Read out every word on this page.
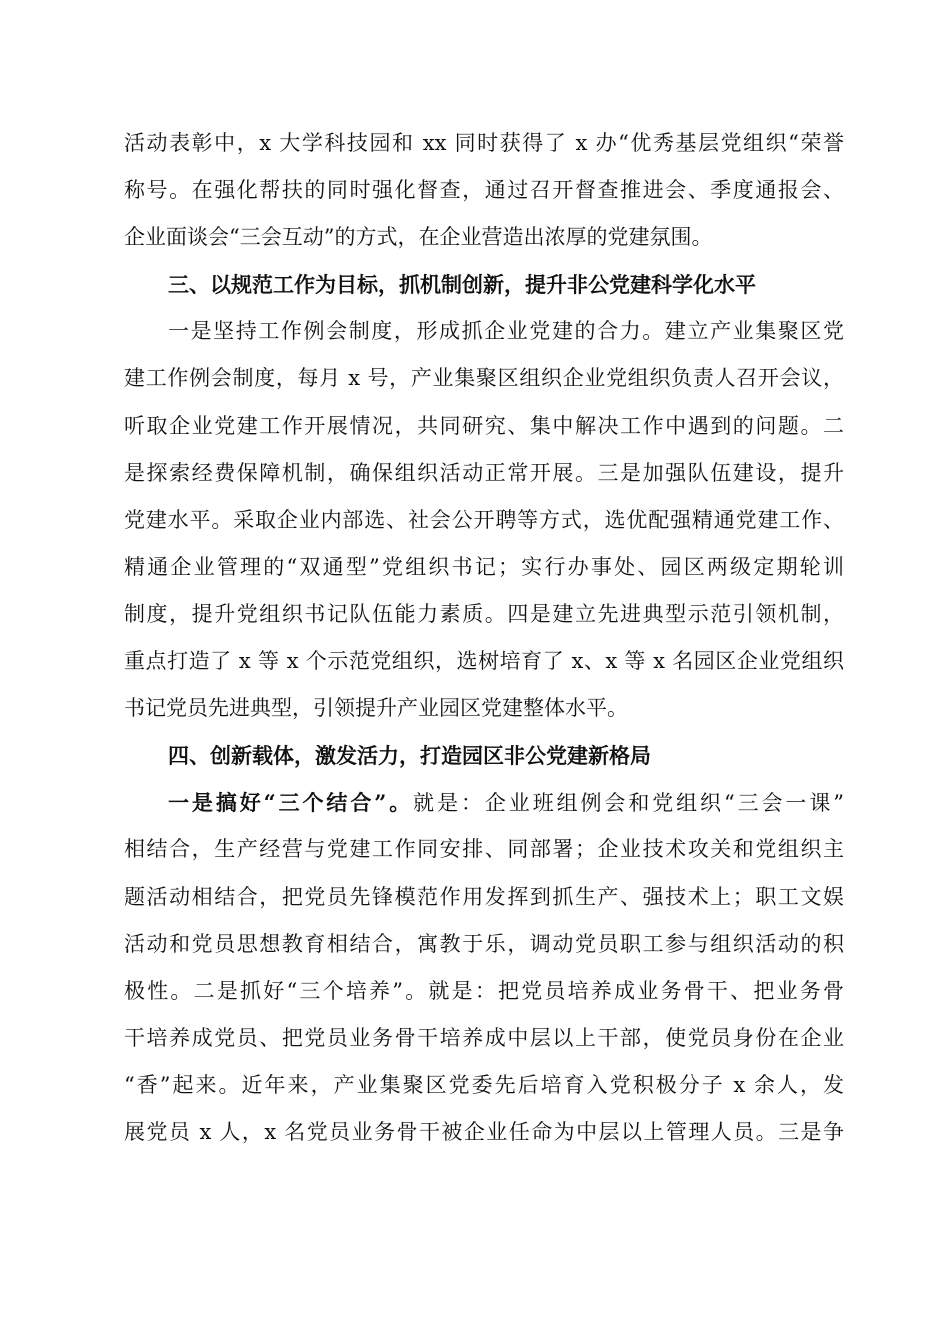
活动表彰中，x 大学科技园和 xx 同时获得了 x 办“优秀基层党组织“荣誉
称号。在强化帮扶的同时强化督查，通过召开督查推进会、季度通报会、
企业面谈会“三会互动”的方式，在企业营造出浓厚的党建氛围。
三、以规范工作为目标，抓机制创新，提升非公党建科学化水平
一是坚持工作例会制度，形成抓企业党建的合力。建立产业集聚区党
建工作例会制度，每月 x 号，产业集聚区组织企业党组织负责人召开会议，
听取企业党建工作开展情况，共同研究、集中解决工作中遇到的问题。二
是探索经费保障机制，确保组织活动正常开展。三是加强队伍建设，提升
党建水平。采取企业内部选、社会公开聘等方式，选优配强精通党建工作、
精通企业管理的“双通型”党组织书记；实行办事处、园区两级定期轮训
制度，提升党组织书记队伍能力素质。四是建立先进典型示范引领机制，
重点打造了 x 等 x 个示范党组织，选树培育了 x、x 等 x 名园区企业党组织
书记党员先进典型，引领提升产业园区党建整体水平。
四、创新载体，激发活力，打造园区非公党建新格局
一是搞好“三个结合”。就是：企业班组例会和党组织“三会一课”
相结合，生产经营与党建工作同安排、同部署；企业技术攻关和党组织主
题活动相结合，把党员先锋模范作用发挥到抓生产、强技术上；职工文娱
活动和党员思想教育相结合，寓教于乐，调动党员职工参与组织活动的积
极性。二是抓好“三个培养”。就是：把党员培养成业务骨干、把业务骨
干培养成党员、把党员业务骨干培养成中层以上干部，使党员身份在企业
“香”起来。近年来，产业集聚区党委先后培育入党积极分子 x 余人，发
展党员 x 人，x 名党员业务骨干被企业任命为中层以上管理人员。三是争
